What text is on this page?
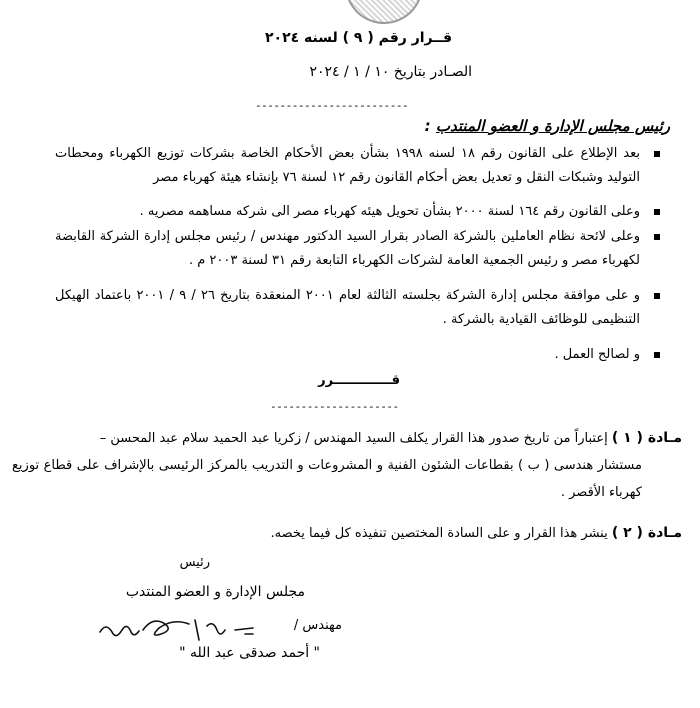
قــرار رقم ( ٩ ) لسنه ٢٠٢٤
الصـادر بتاريخ ١٠ / ١ / ٢٠٢٤
-------------------------
رئيس مجلس الإدارة و العضو المنتدب :
بعد الإطلاع على القانون رقم ١٨ لسنه ١٩٩٨ بشأن بعض الأحكام الخاصة بشركات توزيع الكهرباء ومحطات التوليد وشبكات النقل و تعديل بعض أحكام القانون رقم ١٢ لسنة ٧٦ بإنشاء هيئة كهرباء مصر
وعلى القانون رقم ١٦٤ لسنة ٢٠٠٠ بشأن تحويل هيئه كهرباء مصر الى شركه مساهمه مصريه .
وعلى لائحة نظام العاملين بالشركة الصادر بقرار السيد الدكتور مهندس / رئيس مجلس إدارة الشركة القابضة لكهرباء مصر و رئيس الجمعية العامة لشركات الكهرباء التابعة رقم ٣١ لسنة ٢٠٠٣ م .
و على موافقة مجلس إدارة الشركة بجلسته الثالثة لعام ٢٠٠١ المنعقدة بتاريخ ٢٦ / ٩ / ٢٠٠١ باعتماد الهيكل التنظيمى للوظائف القيادية بالشركة .
و لصالح العمل .
قـــــــــــــرر
---------------------
مـادة ( ١ ) إعتباراً من تاريخ صدور هذا القرار يكلف السيد المهندس / زكريا عبد الحميد سلام عبد المحسن –
مستشار هندسى ( ب ) بقطاعات الشئون الفنية و المشروعات و التدريب بالمركز الرئيسى بالإشراف على قطاع توزيع كهرباء الأقصر .
مـادة ( ٢ ) ينشر هذا القرار و على السادة المختصين تنفيذه كل فيما يخصه.
رئيس
مجلس الإدارة و العضو المنتدب
مهندس /
" أحمد صدقى عبد الله "
